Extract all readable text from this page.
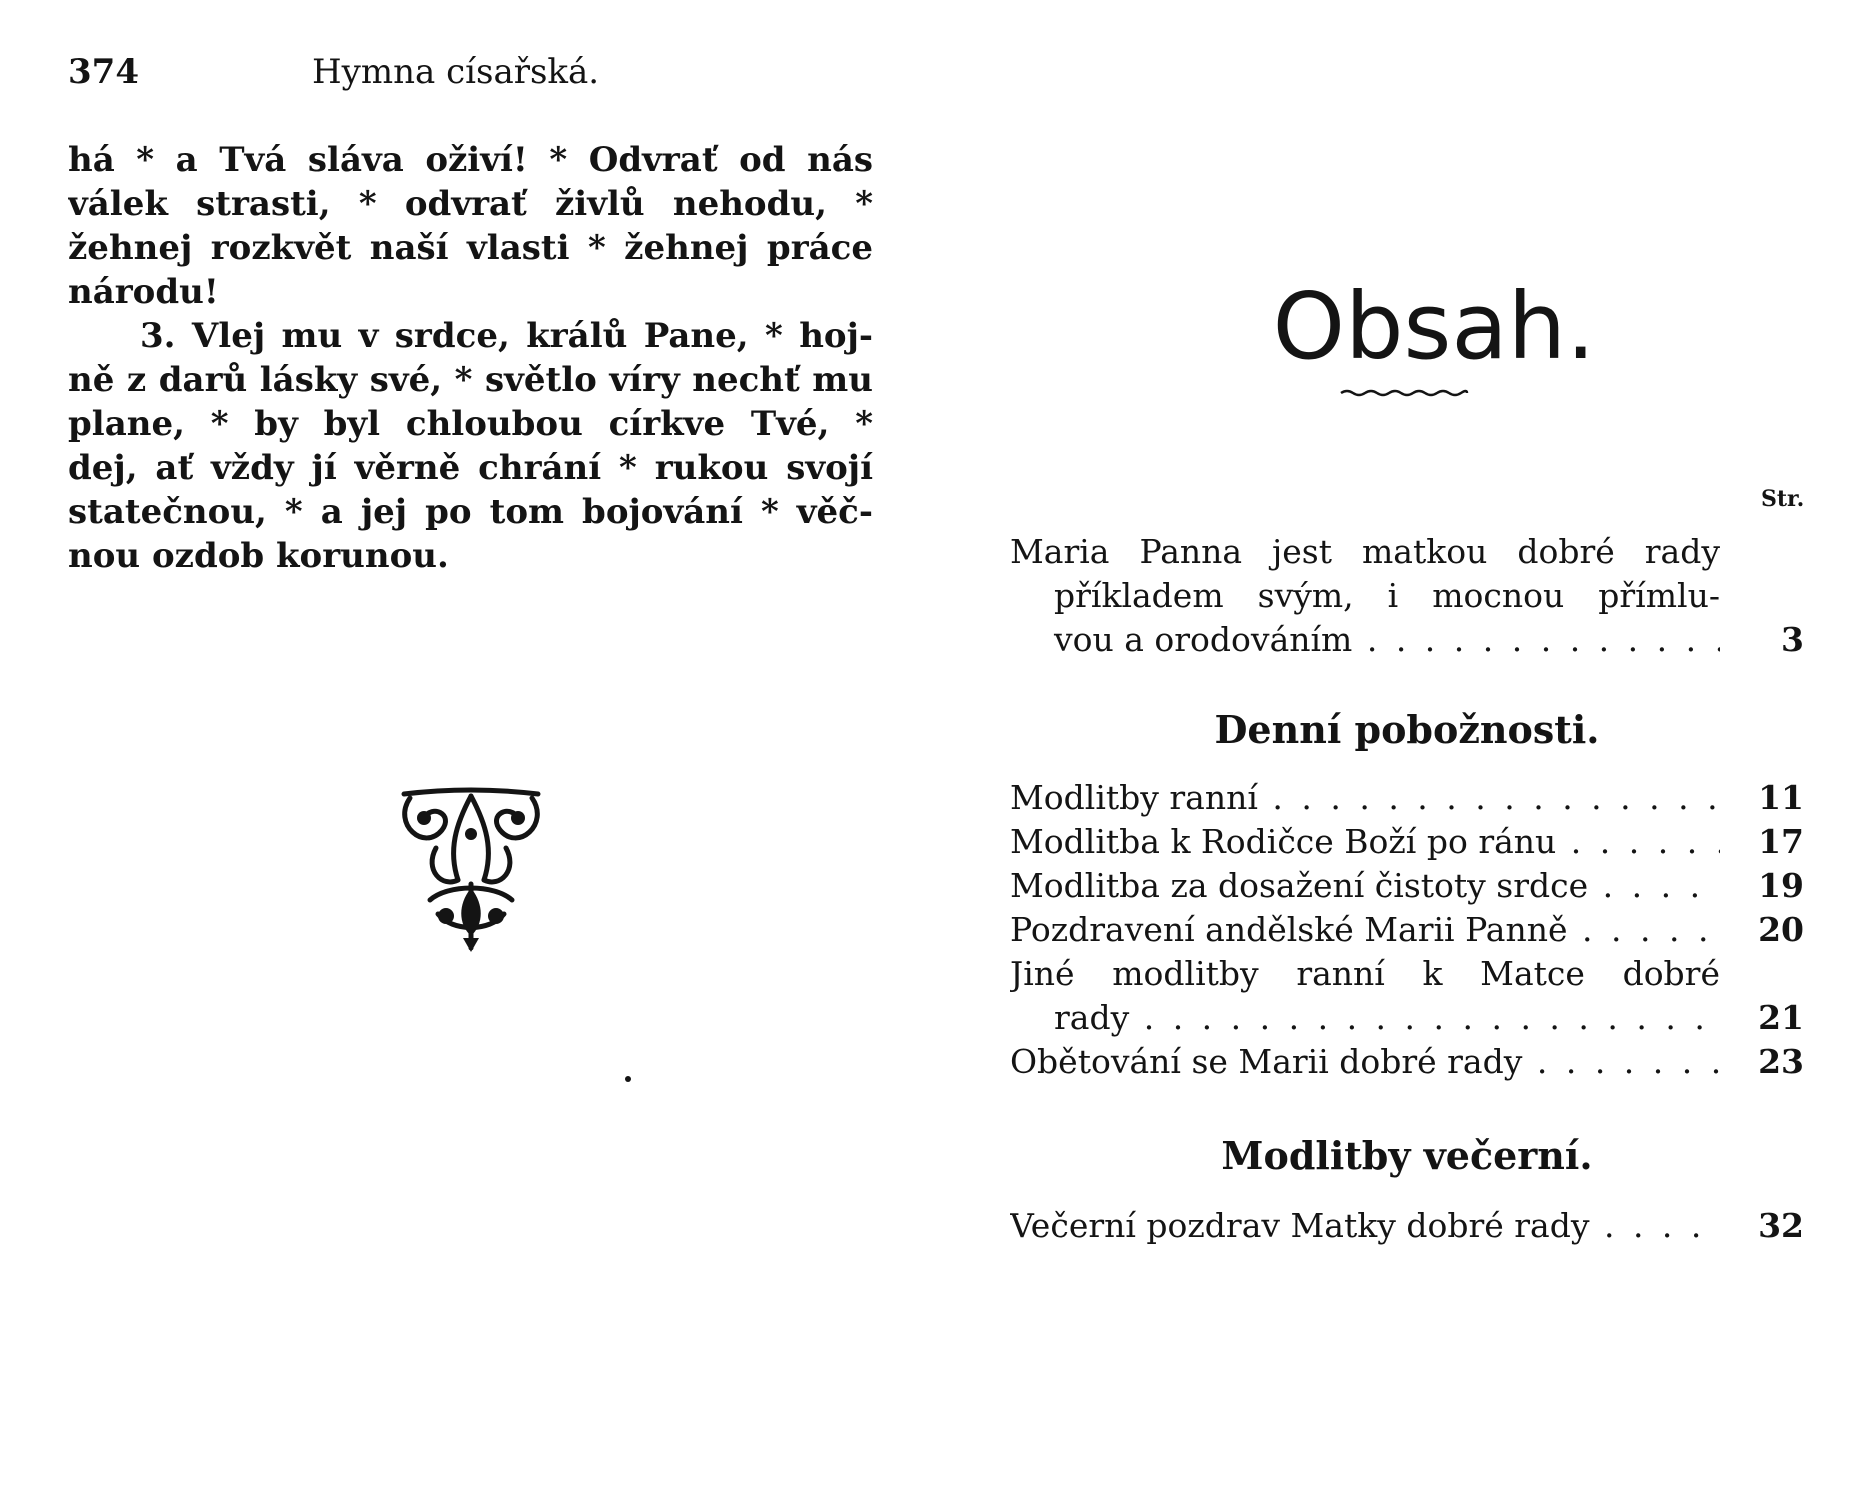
374	Hymna císařská.
há * a Tvá sláva oživí! * Odvrať od nás
válek strasti, * odvrať živlů nehodu, *
žehnej rozkvět naší vlasti * žehnej práce
národu!
3. Vlej mu v srdce, králů Pane, * hoj-
ně z darů lásky své, * světlo víry nechť mu
plane, * by byl chloubou církve Tvé, *
dej, ať vždy jí věrně chrání * rukou svojí
statečnou, * a jej po tom bojování * věč-
nou ozdob korunou.
Obsah.
Str.
Maria Panna jest matkou dobré rady
příkladem svým, i mocnou přímlu-
vou a orodováním . . .	3
Denní pobožnosti.
Modlitby ranní . . .	11
Modlitba k Rodičce Boží po ránu . . .	17
Modlitba za dosažení čistoty srdce . . .	19
Pozdravení andělské Marii Panně . . .	20
Jiné modlitby ranní k Matce dobré
rady . . .	21
Obětování se Marii dobré rady . . .	23
Modlitby večerní.
Večerní pozdrav Matky dobré rady . . .	32
